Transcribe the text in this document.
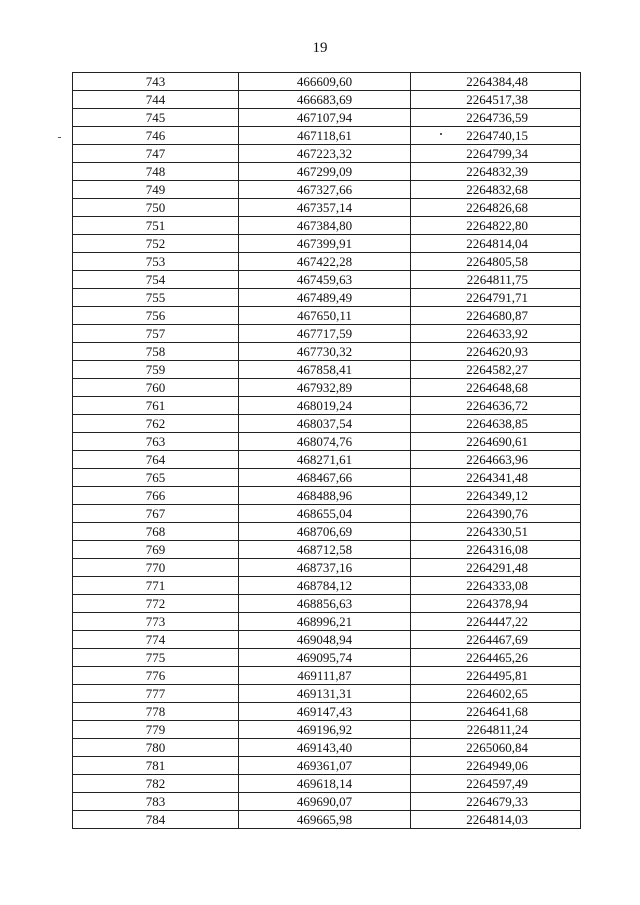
19
743	466609,60	2264384,48
744	466683,69	2264517,38
745	467107,94	2264736,59
746	467118,61	2264740,15
747	467223,32	2264799,34
748	467299,09	2264832,39
749	467327,66	2264832,68
750	467357,14	2264826,68
751	467384,80	2264822,80
752	467399,91	2264814,04
753	467422,28	2264805,58
754	467459,63	2264811,75
755	467489,49	2264791,71
756	467650,11	2264680,87
757	467717,59	2264633,92
758	467730,32	2264620,93
759	467858,41	2264582,27
760	467932,89	2264648,68
761	468019,24	2264636,72
762	468037,54	2264638,85
763	468074,76	2264690,61
764	468271,61	2264663,96
765	468467,66	2264341,48
766	468488,96	2264349,12
767	468655,04	2264390,76
768	468706,69	2264330,51
769	468712,58	2264316,08
770	468737,16	2264291,48
771	468784,12	2264333,08
772	468856,63	2264378,94
773	468996,21	2264447,22
774	469048,94	2264467,69
775	469095,74	2264465,26
776	469111,87	2264495,81
777	469131,31	2264602,65
778	469147,43	2264641,68
779	469196,92	2264811,24
780	469143,40	2265060,84
781	469361,07	2264949,06
782	469618,14	2264597,49
783	469690,07	2264679,33
784	469665,98	2264814,03
